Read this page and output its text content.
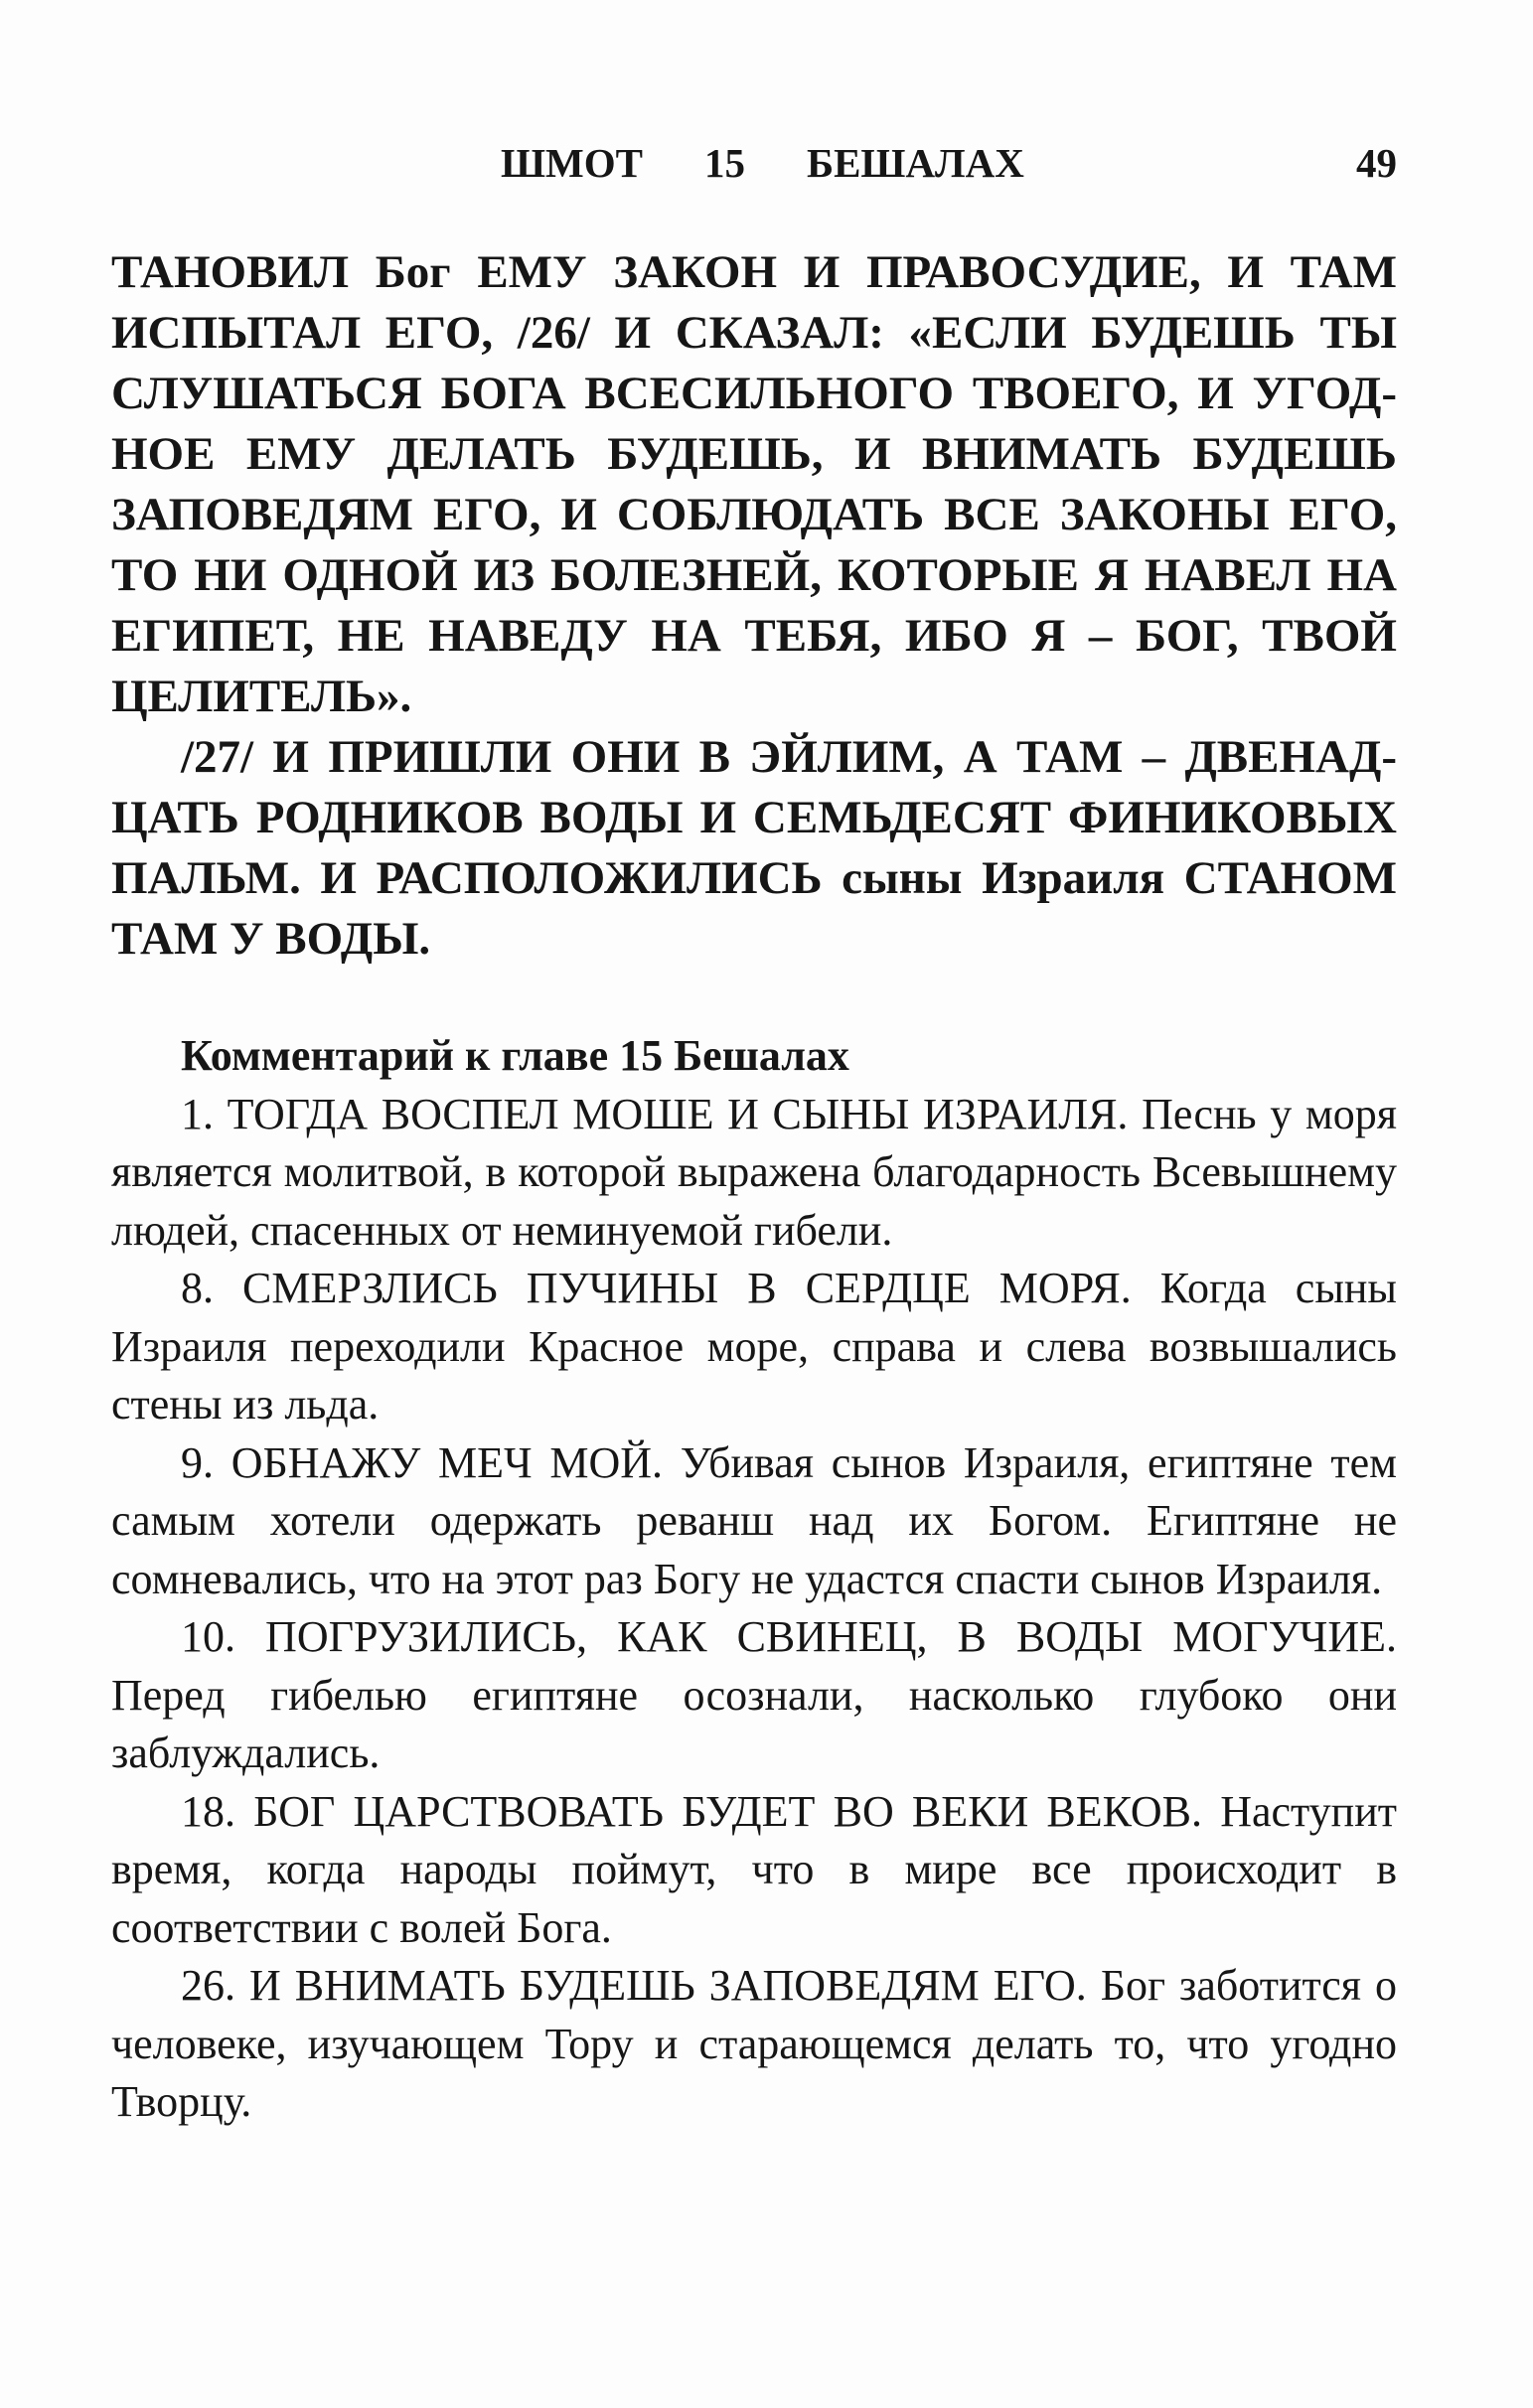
ШМОТ 15 БЕШАЛАХ	49

ТАНОВИЛ Бог ЕМУ ЗАКОН И ПРАВОСУДИЕ, И ТАМ ИСПЫТАЛ ЕГО, /26/ И СКАЗАЛ: «ЕСЛИ БУДЕШЬ ТЫ СЛУШАТЬСЯ БОГА ВСЕСИЛЬНОГО ТВОЕГО, И УГОДНОЕ ЕМУ ДЕЛАТЬ БУДЕШЬ, И ВНИМАТЬ БУДЕШЬ ЗАПОВЕДЯМ ЕГО, И СОБЛЮДАТЬ ВСЕ ЗАКОНЫ ЕГО, ТО НИ ОДНОЙ ИЗ БОЛЕЗНЕЙ, КОТОРЫЕ Я НАВЕЛ НА ЕГИПЕТ, НЕ НАВЕДУ НА ТЕБЯ, ИБО Я – БОГ, ТВОЙ ЦЕЛИТЕЛЬ».

/27/ И ПРИШЛИ ОНИ В ЭЙЛИМ, А ТАМ – ДВЕНАДЦАТЬ РОДНИКОВ ВОДЫ И СЕМЬДЕСЯТ ФИНИКОВЫХ ПАЛЬМ. И РАСПОЛОЖИЛИСЬ сыны Израиля СТАНОМ ТАМ У ВОДЫ.

Комментарий к главе 15 Бешалах

1. ТОГДА ВОСПЕЛ МОШЕ И СЫНЫ ИЗРАИЛЯ. Песнь у моря является молитвой, в которой выражена благодарность Всевышнему людей, спасенных от неминуемой гибели.

8. СМЕРЗЛИСЬ ПУЧИНЫ В СЕРДЦЕ МОРЯ. Когда сыны Израиля переходили Красное море, справа и слева возвышались стены из льда.

9. ОБНАЖУ МЕЧ МОЙ. Убивая сынов Израиля, египтяне тем самым хотели одержать реванш над их Богом. Египтяне не сомневались, что на этот раз Богу не удастся спасти сынов Израиля.

10. ПОГРУЗИЛИСЬ, КАК СВИНЕЦ, В ВОДЫ МОГУЧИЕ. Перед гибелью египтяне осознали, насколько глубоко они заблуждались.

18. БОГ ЦАРСТВОВАТЬ БУДЕТ ВО ВЕКИ ВЕКОВ. Наступит время, когда народы поймут, что в мире все происходит в соответствии с волей Бога.

26. И ВНИМАТЬ БУДЕШЬ ЗАПОВЕДЯМ ЕГО. Бог заботится о человеке, изучающем Тору и старающемся делать то, что угодно Творцу.
